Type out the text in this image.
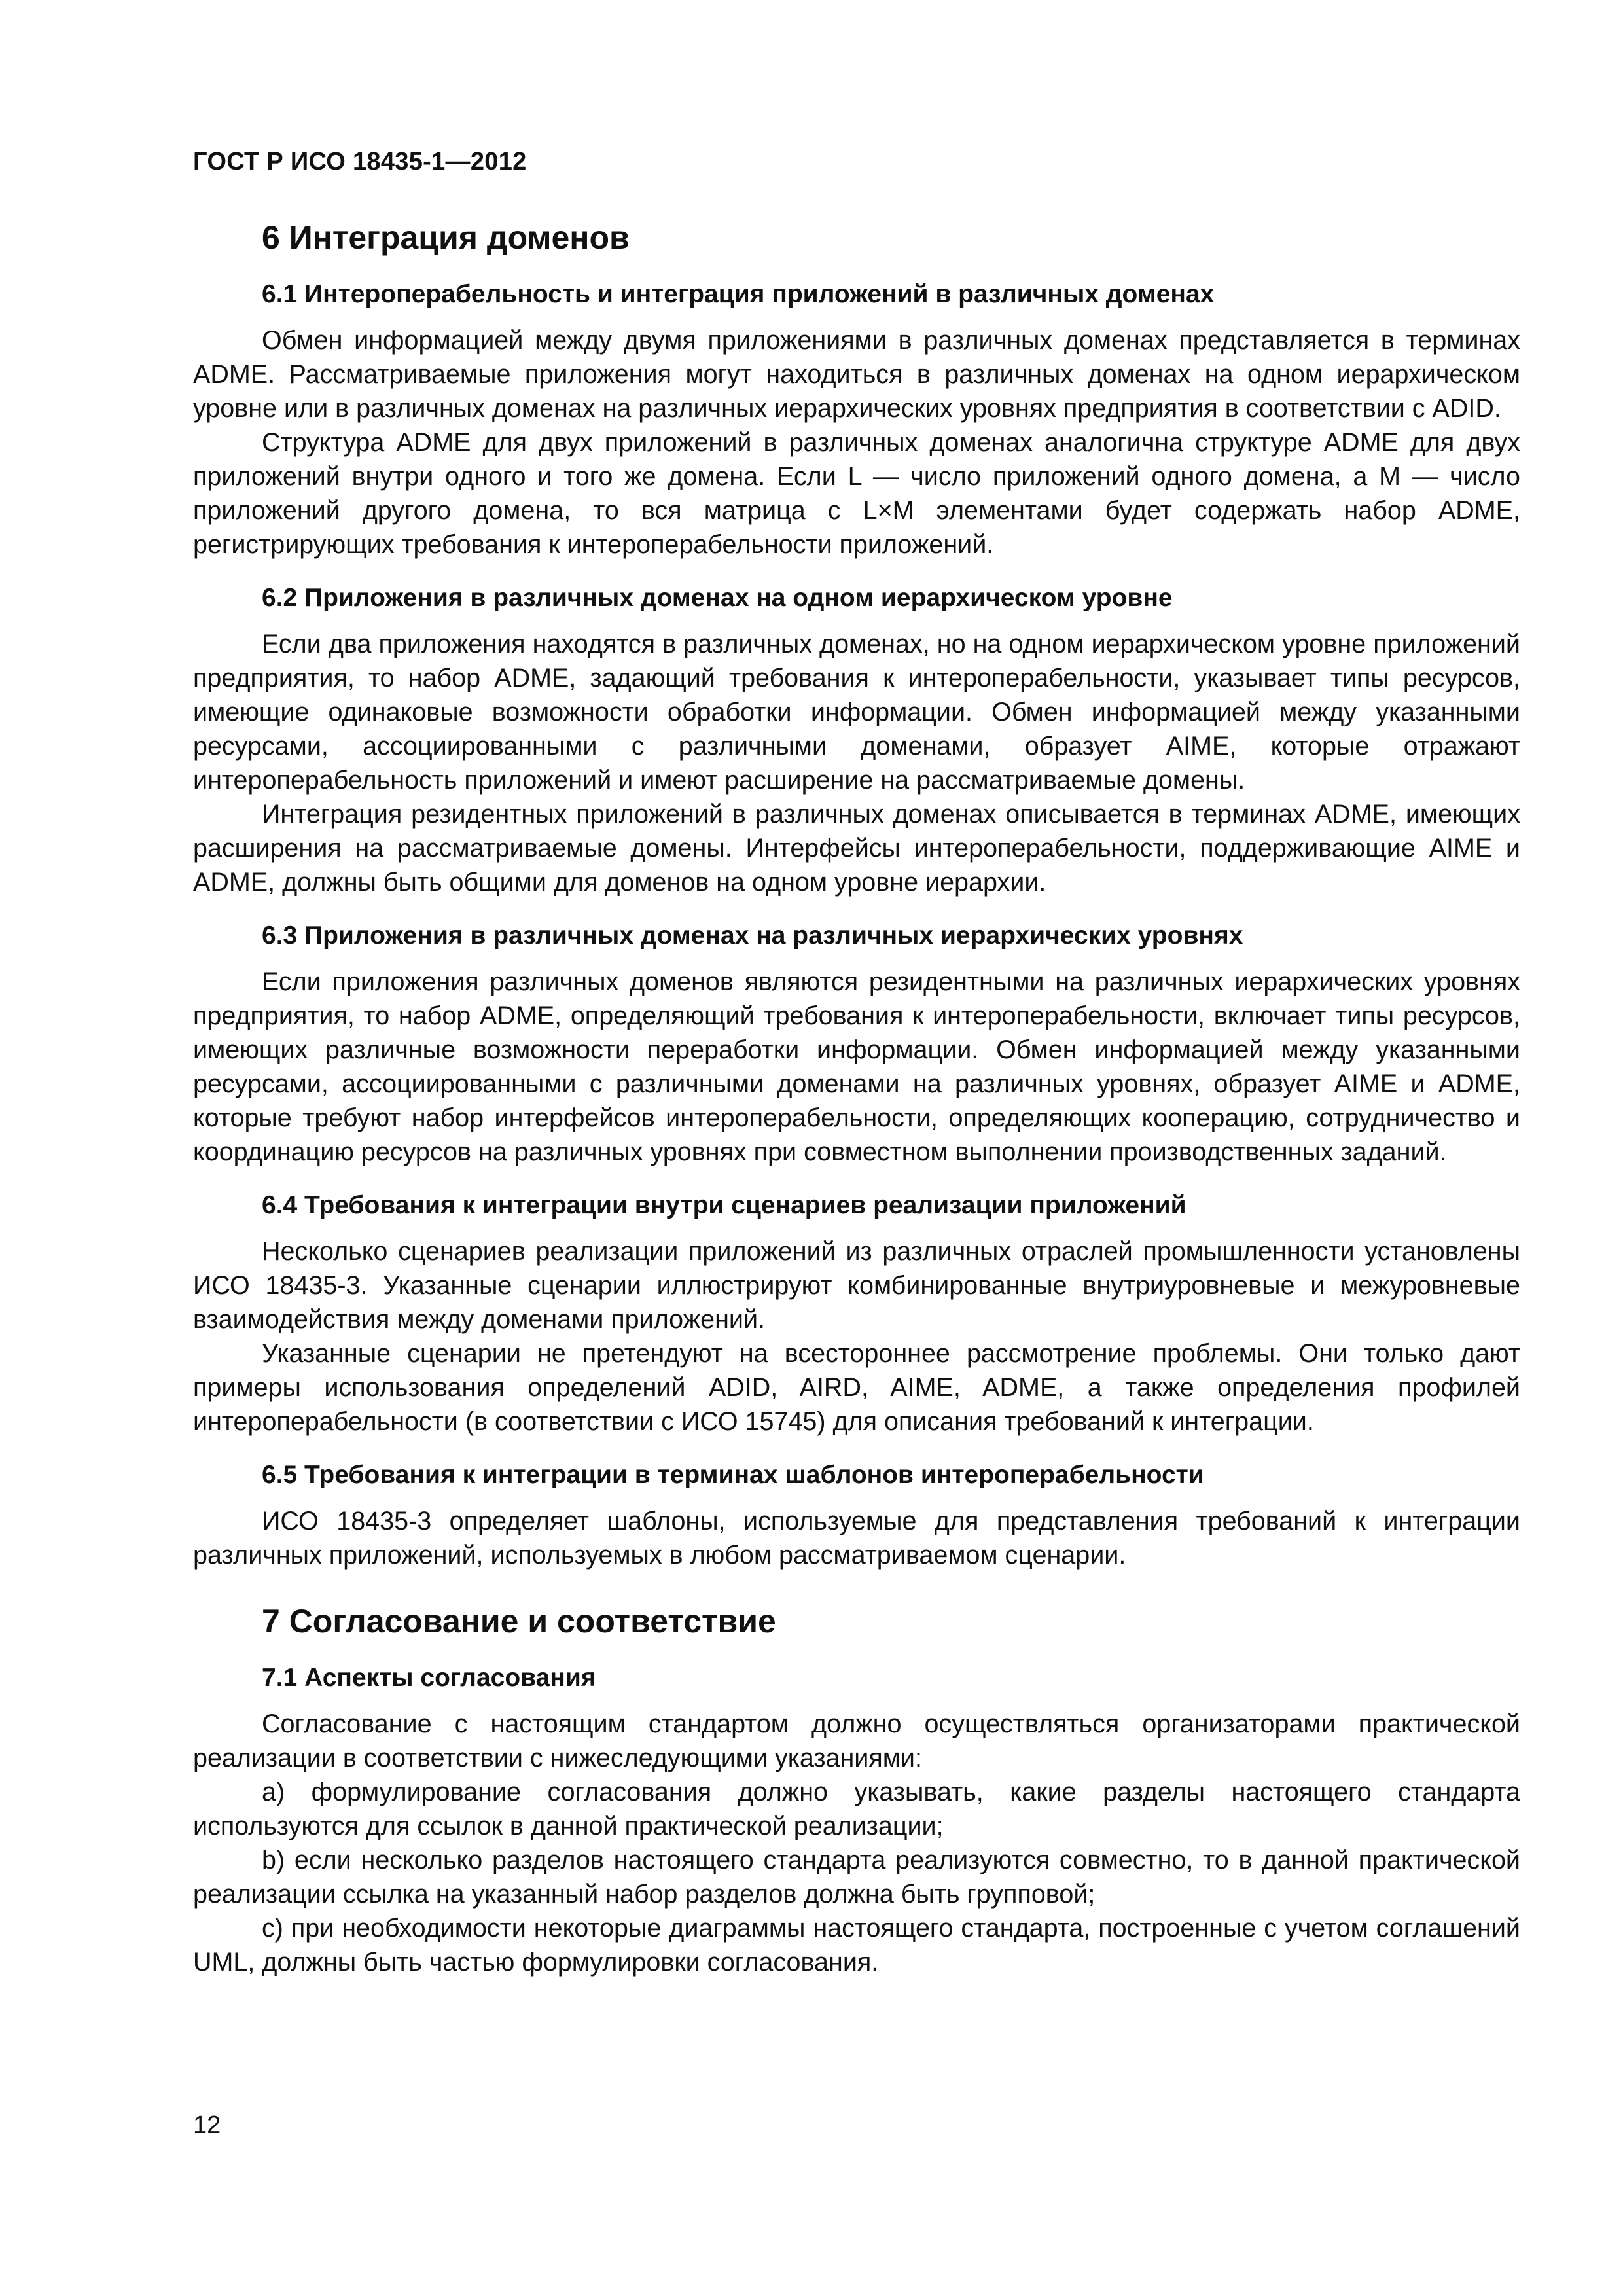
ГОСТ Р ИСО 18435-1—2012
6 Интеграция доменов
6.1 Интероперабельность и интеграция приложений в различных доменах

Обмен информацией между двумя приложениями в различных доменах представляется в терминах ADME. Рассматриваемые приложения могут находиться в различных доменах на одном иерархическом уровне или в различных доменах на различных иерархических уровнях предприятия в соответствии с ADID.

Структура ADME для двух приложений в различных доменах аналогична структуре ADME для двух приложений внутри одного и того же домена. Если L — число приложений одного домена, а M — число приложений другого домена, то вся матрица с L×M элементами будет содержать набор ADME, регистрирующих требования к интероперабельности приложений.

6.2 Приложения в различных доменах на одном иерархическом уровне

Если два приложения находятся в различных доменах, но на одном иерархическом уровне приложений предприятия, то набор ADME, задающий требования к интероперабельности, указывает типы ресурсов, имеющие одинаковые возможности обработки информации. Обмен информацией между указанными ресурсами, ассоциированными с различными доменами, образует AIME, которые отражают интероперабельность приложений и имеют расширение на рассматриваемые домены.

Интеграция резидентных приложений в различных доменах описывается в терминах ADME, имеющих расширения на рассматриваемые домены. Интерфейсы интероперабельности, поддерживающие AIME и ADME, должны быть общими для доменов на одном уровне иерархии.

6.3 Приложения в различных доменах на различных иерархических уровнях

Если приложения различных доменов являются резидентными на различных иерархических уровнях предприятия, то набор ADME, определяющий требования к интероперабельности, включает типы ресурсов, имеющих различные возможности переработки информации. Обмен информацией между указанными ресурсами, ассоциированными с различными доменами на различных уровнях, образует AIME и ADME, которые требуют набор интерфейсов интероперабельности, определяющих кооперацию, сотрудничество и координацию ресурсов на различных уровнях при совместном выполнении производственных заданий.

6.4 Требования к интеграции внутри сценариев реализации приложений

Несколько сценариев реализации приложений из различных отраслей промышленности установлены ИСО 18435-3. Указанные сценарии иллюстрируют комбинированные внутриуровневые и межуровневые взаимодействия между доменами приложений.

Указанные сценарии не претендуют на всестороннее рассмотрение проблемы. Они только дают примеры использования определений ADID, AIRD, AIME, ADME, а также определения профилей интероперабельности (в соответствии с ИСО 15745) для описания требований к интеграции.

6.5 Требования к интеграции в терминах шаблонов интероперабельности

ИСО 18435-3 определяет шаблоны, используемые для представления требований к интеграции различных приложений, используемых в любом рассматриваемом сценарии.

7 Согласование и соответствие
7.1 Аспекты согласования

Согласование с настоящим стандартом должно осуществляться организаторами практической реализации в соответствии с нижеследующими указаниями:

a) формулирование согласования должно указывать, какие разделы настоящего стандарта используются для ссылок в данной практической реализации;

b) если несколько разделов настоящего стандарта реализуются совместно, то в данной практической реализации ссылка на указанный набор разделов должна быть групповой;

c) при необходимости некоторые диаграммы настоящего стандарта, построенные с учетом соглашений UML, должны быть частью формулировки согласования.

12
